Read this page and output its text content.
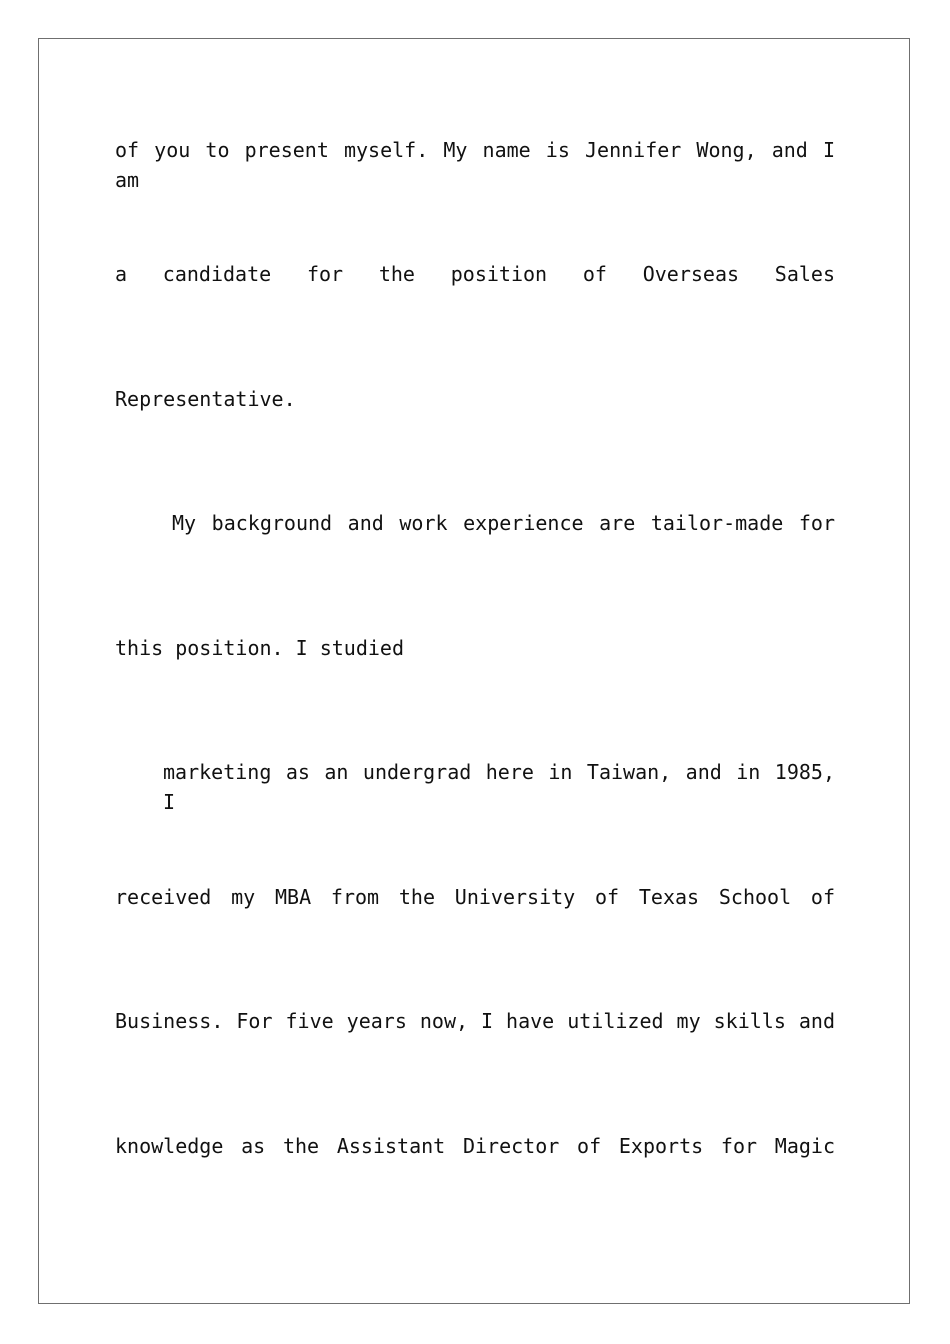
of you to present myself. My name is Jennifer Wong, and I am
a candidate for the position of Overseas Sales
Representative.
My background and work experience are tailor-made for
this position. I studied
marketing as an undergrad here in Taiwan, and in 1985, I
received my MBA from the University of Texas School of
Business. For five years now, I have utilized my skills and
knowledge as the Assistant Director of Exports for Magic
